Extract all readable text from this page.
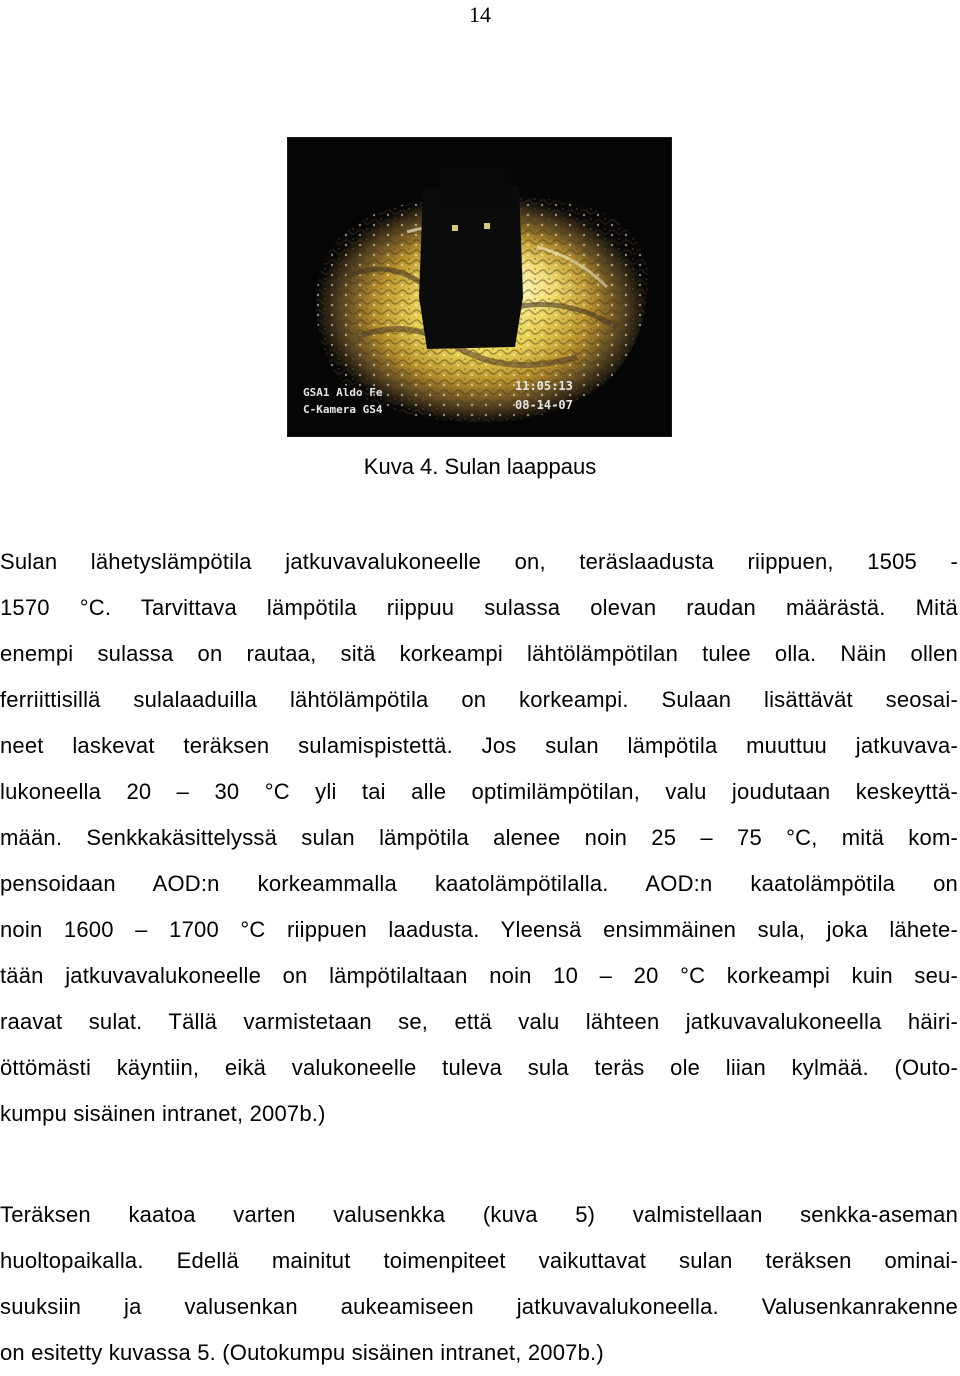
14
GSA1 Aldo Fe
C-Kamera GS4
11:05:13
08-14-07
Kuva 4. Sulan laappaus
Sulan lähetyslämpötila jatkuvavalukoneelle on, teräslaadusta riippuen, 1505 -
1570 °C. Tarvittava lämpötila riippuu sulassa olevan raudan määrästä. Mitä
enempi sulassa on rautaa, sitä korkeampi lähtölämpötilan tulee olla. Näin ollen
ferriittisillä sulalaaduilla lähtölämpötila on korkeampi. Sulaan lisättävät seosai-
neet laskevat teräksen sulamispistettä. Jos sulan lämpötila muuttuu jatkuvava-
lukoneella 20 – 30 °C yli tai alle optimilämpötilan, valu joudutaan keskeyttä-
mään. Senkkakäsittelyssä sulan lämpötila alenee noin 25 – 75 °C, mitä kom-
pensoidaan AOD:n korkeammalla kaatolämpötilalla. AOD:n kaatolämpötila on
noin 1600 – 1700 °C riippuen laadusta. Yleensä ensimmäinen sula, joka lähete-
tään jatkuvavalukoneelle on lämpötilaltaan noin 10 – 20 °C korkeampi kuin seu-
raavat sulat. Tällä varmistetaan se, että valu lähteen jatkuvavalukoneella häiri-
öttömästi käyntiin, eikä valukoneelle tuleva sula teräs ole liian kylmää. (Outo-
kumpu sisäinen intranet, 2007b.)
Teräksen kaatoa varten valusenkka (kuva 5) valmistellaan senkka-aseman
huoltopaikalla. Edellä mainitut toimenpiteet vaikuttavat sulan teräksen ominai-
suuksiin ja valusenkan aukeamiseen jatkuvavalukoneella. Valusenkanrakenne
on esitetty kuvassa 5. (Outokumpu sisäinen intranet, 2007b.)
